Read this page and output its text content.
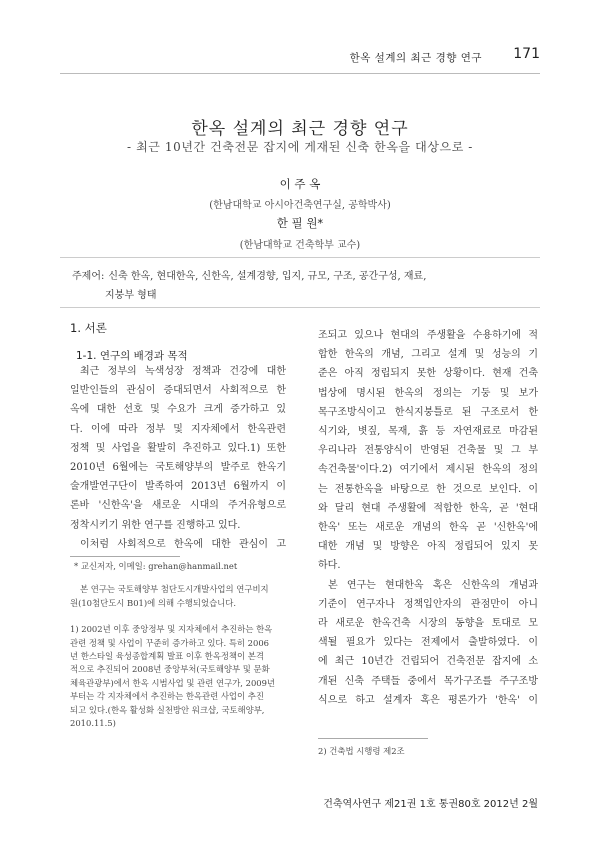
한옥 설계의 최근 경향 연구 171
한옥 설계의 최근 경향 연구
- 최근 10년간 건축전문 잡지에 게재된 신축 한옥을 대상으로 -
이 주 옥
(한남대학교 아시아건축연구실, 공학박사)
한 필 원*
(한남대학교 건축학부 교수)
주제어: 신축 한옥, 현대한옥, 신한옥, 설계경향, 입지, 규모, 구조, 공간구성, 재료,
지붕부 형태
1. 서론
1-1. 연구의 배경과 목적

최근 정부의 녹색성장 정책과 건강에 대한

일반인들의 관심이 증대되면서 사회적으로 한

옥에 대한 선호 및 수요가 크게 증가하고 있

다. 이에 따라 정부 및 지자체에서 한옥관련

정책 및 사업을 활발히 추진하고 있다.1) 또한

2010년 6월에는 국토해양부의 발주로 한옥기

술개발연구단이 발족하여 2013년 6월까지 이

론바 '신한옥'을 새로운 시대의 주거유형으로

정착시키기 위한 연구를 진행하고 있다.

이처럼 사회적으로 한옥에 대한 관심이 고

* 교신저자, 이메일: grehan@hanmail.net

본 연구는 국토해양부 첨단도시개발사업의 연구비지

원(10첨단도시 B01)에 의해 수행되었습니다.

1) 2002년 이후 중앙정부 및 지자체에서 추진하는 한옥

관련 정책 및 사업이 꾸준히 증가하고 있다. 특히 2006

년 한스타일 육성종합계획 발표 이후 한옥정책이 본격

적으로 추진되어 2008년 중앙부처(국토해양부 및 문화

체육관광부)에서 한옥 시범사업 및 관련 연구가, 2009년

부터는 각 지자체에서 추진하는 한옥관련 사업이 추진

되고 있다.(한옥 활성화 실천방안 워크샵, 국토해양부,

2010.11.5)

조되고 있으나 현대의 주생활을 수용하기에 적

합한 한옥의 개념, 그리고 설계 및 성능의 기

준은 아직 정립되지 못한 상황이다. 현재 건축

법상에 명시된 한옥의 정의는 기둥 및 보가

목구조방식이고 한식지붕틀로 된 구조로서 한

식기와, 볏짚, 목재, 흙 등 자연재료로 마감된

우리나라 전통양식이 반영된 건축물 및 그 부

속건축물'이다.2) 여기에서 제시된 한옥의 정의

는 전통한옥을 바탕으로 한 것으로 보인다. 이

와 달리 현대 주생활에 적합한 한옥, 곧 '현대

한옥' 또는 새로운 개념의 한옥 곧 '신한옥'에

대한 개념 및 방향은 아직 정립되어 있지 못

하다.

본 연구는 현대한옥 혹은 신한옥의 개념과

기준이 연구자나 정책입안자의 관점만이 아니

라 새로운 한옥건축 시장의 동향을 토대로 모

색될 필요가 있다는 전제에서 출발하였다. 이

에 최근 10년간 건립되어 건축전문 잡지에 소

개된 신축 주택들 중에서 목가구조를 주구조방

식으로 하고 설계자 혹은 평론가가 '한옥' 이

2) 건축법 시행령 제2조
건축역사연구 제21권 1호 통권80호 2012년 2월
